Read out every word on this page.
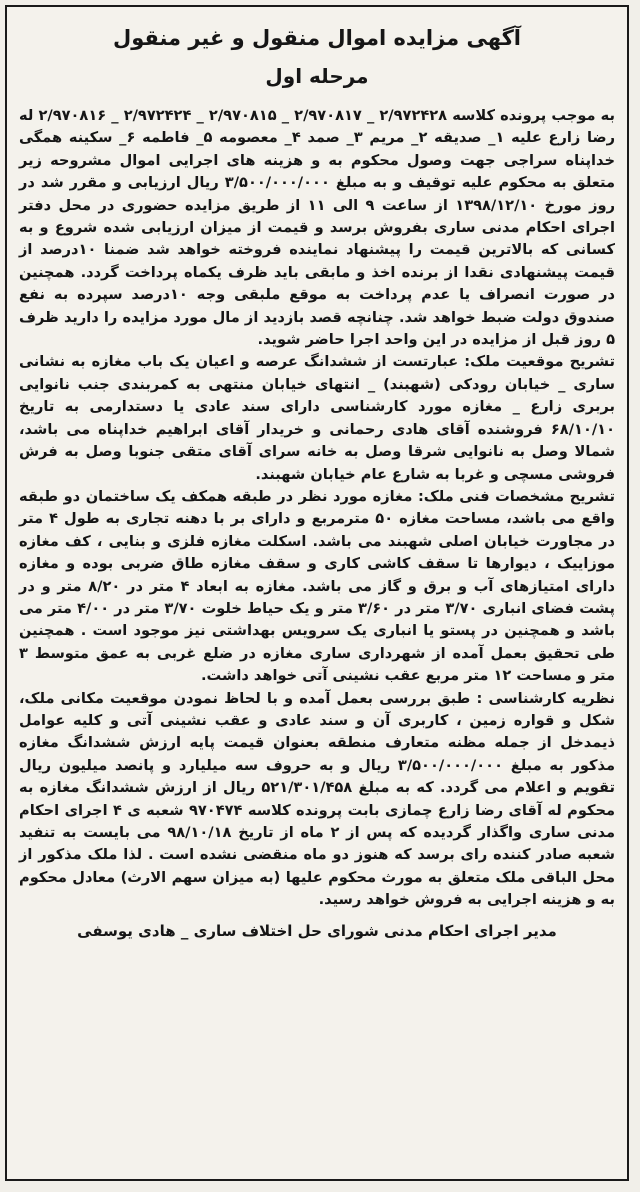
آگهی مزایده اموال منقول و غیر منقول
مرحله اول

به موجب پرونده کلاسه ۲/۹۷۲۴۲۸ _ ۲/۹۷۰۸۱۷ _ ۲/۹۷۰۸۱۵ _ ۲/۹۷۲۴۲۴ _ ۲/۹۷۰۸۱۶ له رضا زارع علیه ۱_ صدیقه ۲_ مریم ۳_ صمد ۴_ معصومه ۵_ فاطمه ۶_ سکینه همگی خداپناه سراجی جهت وصول محکوم به و هزینه های اجرایی اموال مشروحه زیر متعلق به محکوم علیه توقیف و به مبلغ ۳/۵۰۰/۰۰۰/۰۰۰ ریال ارزیابی و مقرر شد در روز مورخ ۱۳۹۸/۱۲/۱۰ از ساعت ۹ الی ۱۱ از طریق مزایده حضوری در محل دفتر اجرای احکام مدنی ساری بفروش برسد و قیمت از میزان ارزیابی شده شروع و به کسانی که بالاترین قیمت را پیشنهاد نماینده فروخته خواهد شد ضمنا ۱۰درصد از قیمت پیشنهادی نقدا از برنده اخذ و مابقی باید ظرف یکماه پرداخت گردد. همچنین در صورت انصراف یا عدم پرداخت به موقع ملبقی وجه ۱۰درصد سپرده به نفع صندوق دولت ضبط خواهد شد. چنانچه قصد بازدید از مال مورد مزایده را دارید ظرف ۵ روز قبل از مزایده در این واحد اجرا حاضر شوید.

تشریح موقعیت ملک: عبارتست از ششدانگ عرصه و اعیان یک باب مغازه به نشانی ساری _ خیابان رودکی (شهبند) _ انتهای خیابان منتهی به کمربندی جنب نانوایی بربری زارع _ مغازه مورد کارشناسی دارای سند عادی یا دستدارمی به تاریخ ۶۸/۱۰/۱۰ فروشنده آقای هادی رحمانی و خریدار آقای ابراهیم خداپناه می باشد، شمالا وصل به نانوایی شرقا وصل به خانه سرای آقای متقی جنوبا وصل به فرش فروشی مسچی و غربا به شارع عام خیابان شهبند.

تشریح مشخصات فنی ملک: مغازه مورد نظر در طبقه همکف یک ساختمان دو طبقه واقع می باشد، مساحت مغازه ۵۰ مترمربع و دارای بر با دهنه تجاری به طول ۴ متر در مجاورت خیابان اصلی شهبند می باشد. اسکلت مغازه فلزی و بنایی ، کف مغازه موزاییک ، دیوارها تا سقف کاشی کاری و سقف مغازه طاق ضربی بوده و مغازه دارای امتیازهای آب و برق و گاز می باشد. مغازه به ابعاد ۴ متر در ۸/۲۰ متر و در پشت فضای انباری ۳/۷۰ متر در ۳/۶۰ متر و یک حیاط خلوت ۳/۷۰ متر در ۴/۰۰ متر می باشد و همچنین در پستو یا انباری یک سرویس بهداشتی نیز موجود است . همچنین طی تحقیق بعمل آمده از شهرداری ساری مغازه در ضلع غربی به عمق متوسط ۳ متر و مساحت ۱۲ متر مربع عقب نشینی آتی خواهد داشت.

نظریه کارشناسی : طبق بررسی بعمل آمده و با لحاظ نمودن موقعیت مکانی ملک، شکل و قواره زمین ، کاربری آن و سند عادی و عقب نشینی آتی و کلیه عوامل ذیمدخل از جمله مظنه متعارف منطقه بعنوان قیمت پایه ارزش ششدانگ مغازه مذکور به مبلغ ۳/۵۰۰/۰۰۰/۰۰۰ ریال و به حروف سه میلیارد و پانصد میلیون ریال تقویم و اعلام می گردد. که به مبلغ ۵۲۱/۳۰۱/۴۵۸ ریال از ارزش ششدانگ مغازه به محکوم له آقای رضا زارع چمازی بابت پرونده کلاسه ۹۷۰۴۷۴ شعبه ی ۴ اجرای احکام مدنی ساری واگذار گردیده که پس از ۲ ماه از تاریخ ۹۸/۱۰/۱۸ می بایست به تنفید شعبه صادر کننده رای برسد که هنوز دو ماه منقضی نشده است . لذا ملک مذکور از محل الباقی ملک متعلق به مورث محکوم علیها (به میزان سهم الارث) معادل محکوم به و هزینه اجرایی به فروش خواهد رسید.

مدیر اجرای احکام مدنی شورای حل اختلاف ساری _ هادی یوسفی
